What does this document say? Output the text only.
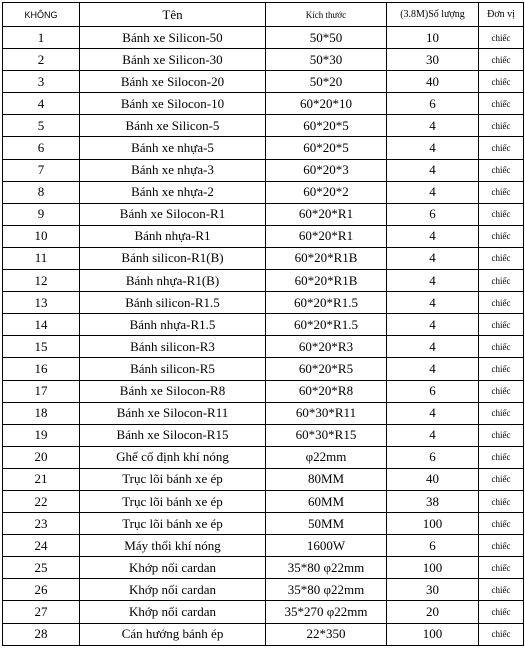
KHÔNG	Tên	Kích thước	(3.8M)Số lượng	Đơn vị
1	Bánh xe Silicon-50	50*50	10	chiếc
2	Bánh xe Silicon-30	50*30	30	chiếc
3	Bánh xe Silocon-20	50*20	40	chiếc
4	Bánh xe Silocon-10	60*20*10	6	chiếc
5	Bánh xe Silicon-5	60*20*5	4	chiếc
6	Bánh xe nhựa-5	60*20*5	4	chiếc
7	Bánh xe nhựa-3	60*20*3	4	chiếc
8	Bánh xe nhựa-2	60*20*2	4	chiếc
9	Bánh xe Silocon-R1	60*20*R1	6	chiếc
10	Bánh nhựa-R1	60*20*R1	4	chiếc
11	Bánh silicon-R1(B)	60*20*R1B	4	chiếc
12	Bánh nhựa-R1(B)	60*20*R1B	4	chiếc
13	Bánh silicon-R1.5	60*20*R1.5	4	chiếc
14	Bánh nhựa-R1.5	60*20*R1.5	4	chiếc
15	Bánh silicon-R3	60*20*R3	4	chiếc
16	Bánh silicon-R5	60*20*R5	4	chiếc
17	Bánh xe Silocon-R8	60*20*R8	6	chiếc
18	Bánh xe Silocon-R11	60*30*R11	4	chiếc
19	Bánh xe Silocon-R15	60*30*R15	4	chiếc
20	Ghế cố định khí nóng	φ22mm	6	chiếc
21	Trục lõi bánh xe ép	80MM	40	chiếc
22	Trục lõi bánh xe ép	60MM	38	chiếc
23	Trục lõi bánh xe ép	50MM	100	chiếc
24	Máy thổi khí nóng	1600W	6	chiếc
25	Khớp nối cardan	35*80 φ22mm	100	chiếc
26	Khớp nối cardan	35*80 φ22mm	30	chiếc
27	Khớp nối cardan	35*270 φ22mm	20	chiếc
28	Cán hướng bánh ép	22*350	100	chiếc
